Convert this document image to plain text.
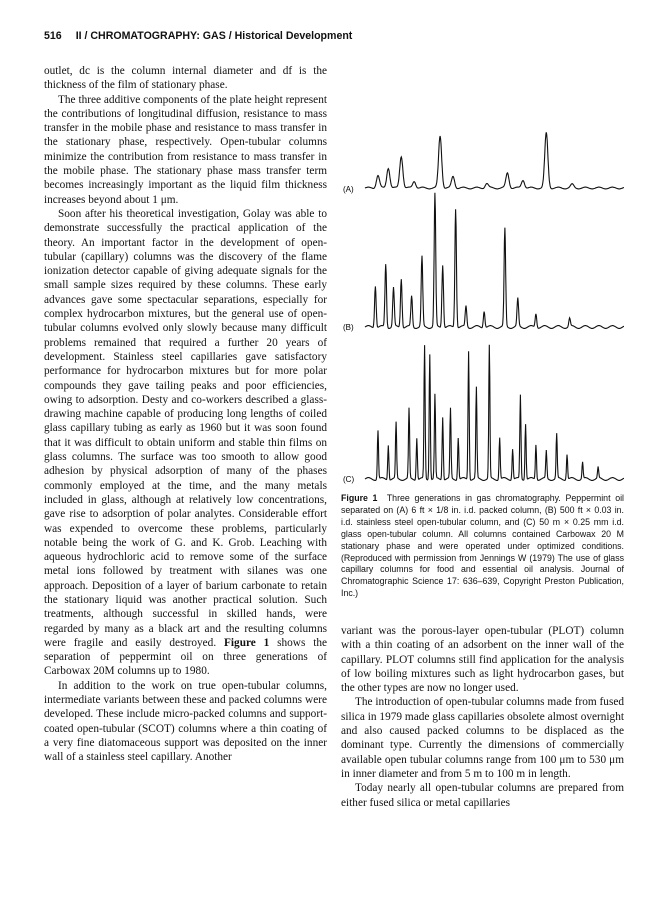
516 II / CHROMATOGRAPHY: GAS / Historical Development

outlet, dc is the column internal diameter and df is the thickness of the film of stationary phase.

The three additive components of the plate height represent the contributions of longitudinal diffusion, resistance to mass transfer in the mobile phase and resistance to mass transfer in the stationary phase, respectively. Open-tubular columns minimize the contribution from resistance to mass transfer in the mobile phase. The stationary phase mass transfer term becomes increasingly important as the liquid film thickness increases beyond about 1 μm.

Soon after his theoretical investigation, Golay was able to demonstrate successfully the practical application of the theory. An important factor in the development of open-tubular (capillary) columns was the discovery of the flame ionization detector capable of giving adequate signals for the small sample sizes required by these columns. These early advances gave some spectacular separations, especially for complex hydrocarbon mixtures, but the general use of open-tubular columns evolved only slowly because many difficult problems remained that required a further 20 years of development. Stainless steel capillaries gave satisfactory performance for hydrocarbon mixtures but for more polar compounds they gave tailing peaks and poor efficiencies, owing to adsorption. Desty and co-workers described a glass-drawing machine capable of producing long lengths of coiled glass capillary tubing as early as 1960 but it was soon found that it was difficult to obtain uniform and stable thin films on glass columns. The surface was too smooth to allow good adhesion by physical adsorption of many of the phases commonly employed at the time, and the many metals included in glass, although at relatively low concentrations, gave rise to adsorption of polar analytes. Considerable effort was expended to overcome these problems, particularly notable being the work of G. and K. Grob. Leaching with aqueous hydrochloric acid to remove some of the surface metal ions followed by treatment with silanes was one approach. Deposition of a layer of barium carbonate to retain the stationary liquid was another practical solution. Such treatments, although successful in skilled hands, were regarded by many as a black art and the resulting columns were fragile and easily destroyed. Figure 1 shows the separation of peppermint oil on three generations of Carbowax 20M columns up to 1980.

In addition to the work on true open-tubular columns, intermediate variants between these and packed columns were developed. These include micro-packed columns and support-coated open-tubular (SCOT) columns where a thin coating of a very fine diatomaceous support was deposited on the inner wall of a stainless steel capillary. Another

(A)
(B)
(C)
Figure 1 Three generations in gas chromatography. Peppermint oil separated on (A) 6 ft × 1/8 in. i.d. packed column, (B) 500 ft × 0.03 in. i.d. stainless steel open-tubular column, and (C) 50 m × 0.25 mm i.d. glass open-tubular column. All columns contained Carbowax 20 M stationary phase and were operated under optimized conditions. (Reproduced with permission from Jennings W (1979) The use of glass capillary columns for food and essential oil analysis. Journal of Chromatographic Science 17: 636–639, Copyright Preston Publication, Inc.)

variant was the porous-layer open-tubular (PLOT) column with a thin coating of an adsorbent on the inner wall of the capillary. PLOT columns still find application for the analysis of low boiling mixtures such as light hydrocarbon gases, but the other types are now no longer used.

The introduction of open-tubular columns made from fused silica in 1979 made glass capillaries obsolete almost overnight and also caused packed columns to be displaced as the dominant type. Currently the dimensions of commercially available open tubular columns range from 100 μm to 530 μm in inner diameter and from 5 m to 100 m in length.

Today nearly all open-tubular columns are prepared from either fused silica or metal capillaries
